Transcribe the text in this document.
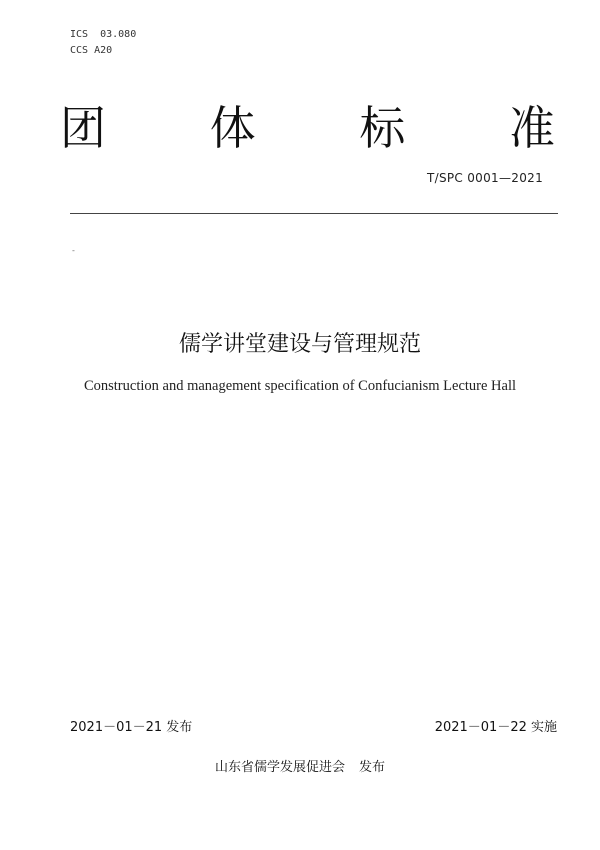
ICS  03.080
CCS A20
团 体 标 准
T/SPC 0001—2021
-
儒学讲堂建设与管理规范
Construction and management specification of Confucianism Lecture Hall
2021－01－21 发布	2021－01－22 实施
山东省儒学发展促进会 发布
